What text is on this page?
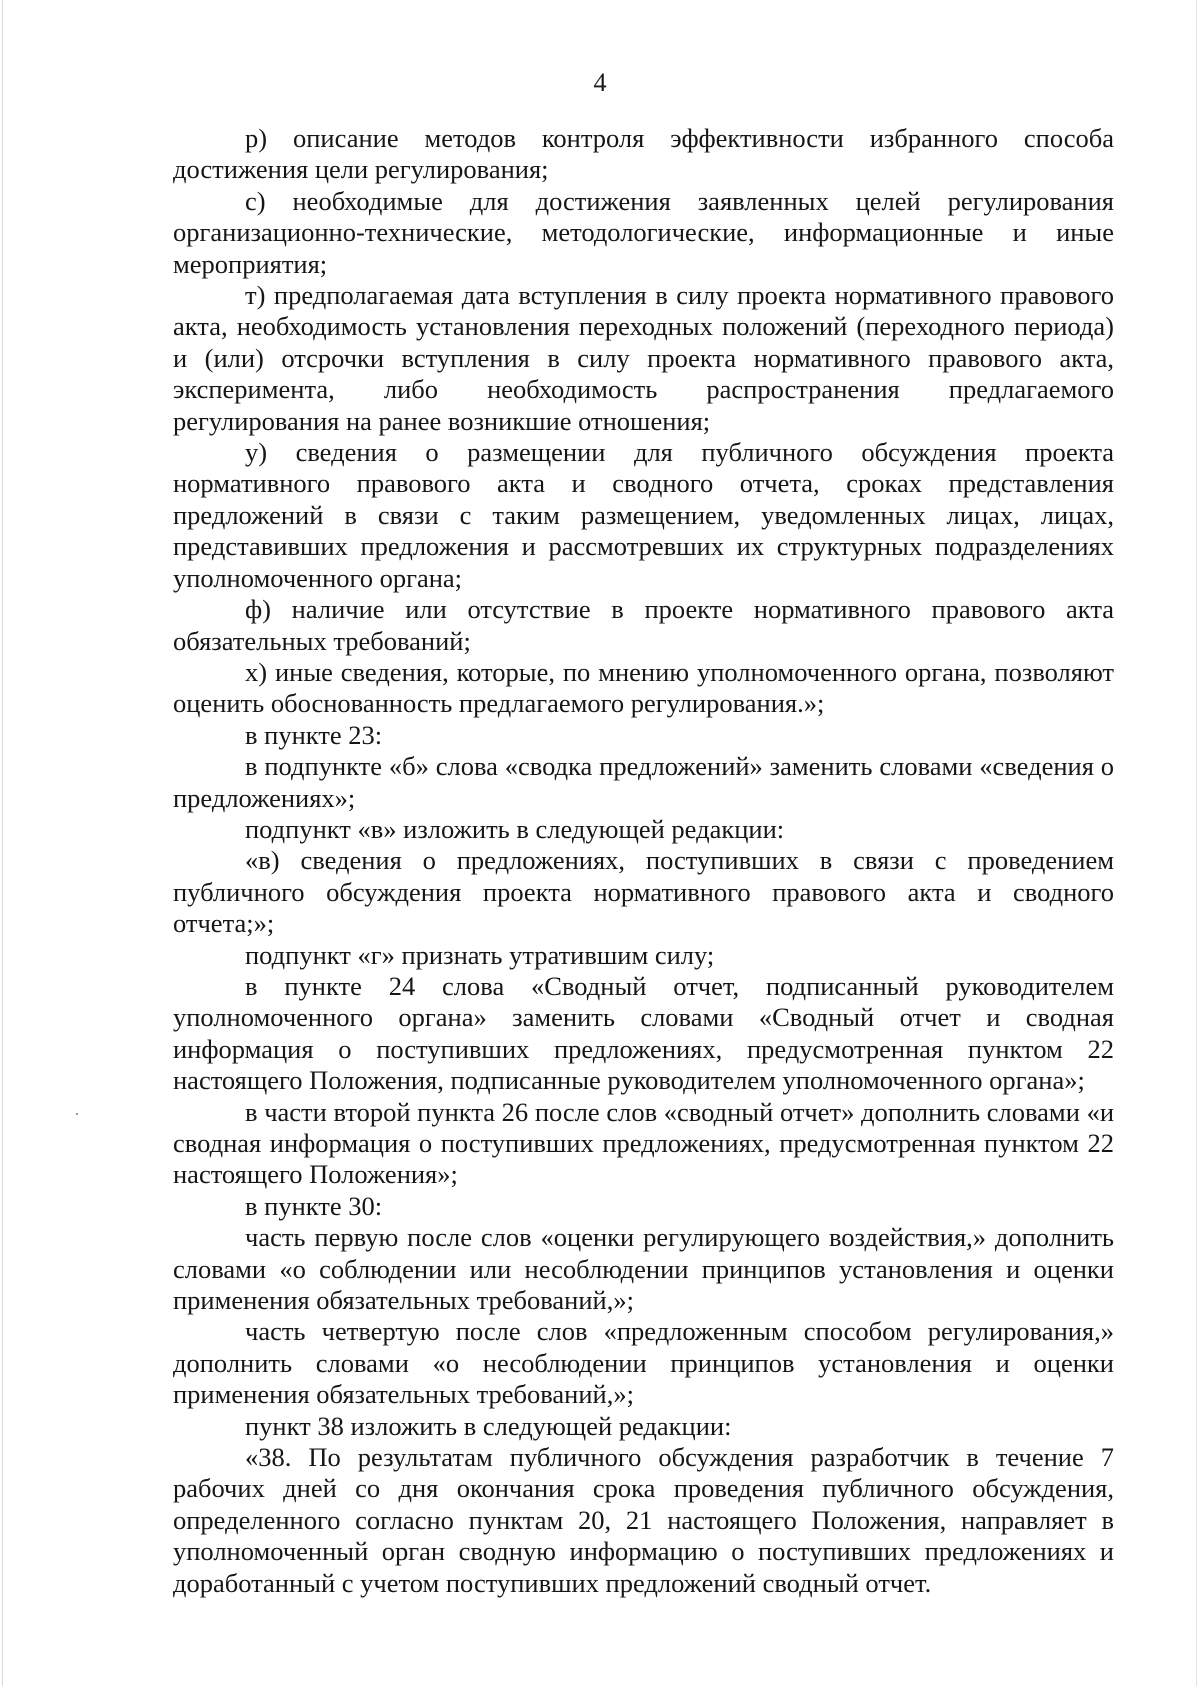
4

р) описание методов контроля эффективности избранного способа достижения цели регулирования;

с) необходимые для достижения заявленных целей регулирования организационно-технические, методологические, информационные и иные мероприятия;

т) предполагаемая дата вступления в силу проекта нормативного правового акта, необходимость установления переходных положений (переходного периода) и (или) отсрочки вступления в силу проекта нормативного правового акта, эксперимента, либо необходимость распространения предлагаемого регулирования на ранее возникшие отношения;

у) сведения о размещении для публичного обсуждения проекта нормативного правового акта и сводного отчета, сроках представления предложений в связи с таким размещением, уведомленных лицах, лицах, представивших предложения и рассмотревших их структурных подразделениях уполномоченного органа;

ф) наличие или отсутствие в проекте нормативного правового акта обязательных требований;

х) иные сведения, которые, по мнению уполномоченного органа, позволяют оценить обоснованность предлагаемого регулирования.»;

в пункте 23:

в подпункте «б» слова «сводка предложений» заменить словами «сведения о предложениях»;

подпункт «в» изложить в следующей редакции:

«в) сведения о предложениях, поступивших в связи с проведением публичного обсуждения проекта нормативного правового акта и сводного отчета;»;

подпункт «г» признать утратившим силу;

в пункте 24 слова «Сводный отчет, подписанный руководителем уполномоченного органа» заменить словами «Сводный отчет и сводная информация о поступивших предложениях, предусмотренная пунктом 22 настоящего Положения, подписанные руководителем уполномоченного органа»;

в части второй пункта 26 после слов «сводный отчет» дополнить словами «и сводная информация о поступивших предложениях, предусмотренная пунктом 22 настоящего Положения»;

в пункте 30:

часть первую после слов «оценки регулирующего воздействия,» дополнить словами «о соблюдении или несоблюдении принципов установления и оценки применения обязательных требований,»;

часть четвертую после слов «предложенным способом регулирования,» дополнить словами «о несоблюдении принципов установления и оценки применения обязательных требований,»;

пункт 38 изложить в следующей редакции:

«38. По результатам публичного обсуждения разработчик в течение 7 рабочих дней со дня окончания срока проведения публичного обсуждения, определенного согласно пунктам 20, 21 настоящего Положения, направляет в уполномоченный орган сводную информацию о поступивших предложениях и доработанный с учетом поступивших предложений сводный отчет.
